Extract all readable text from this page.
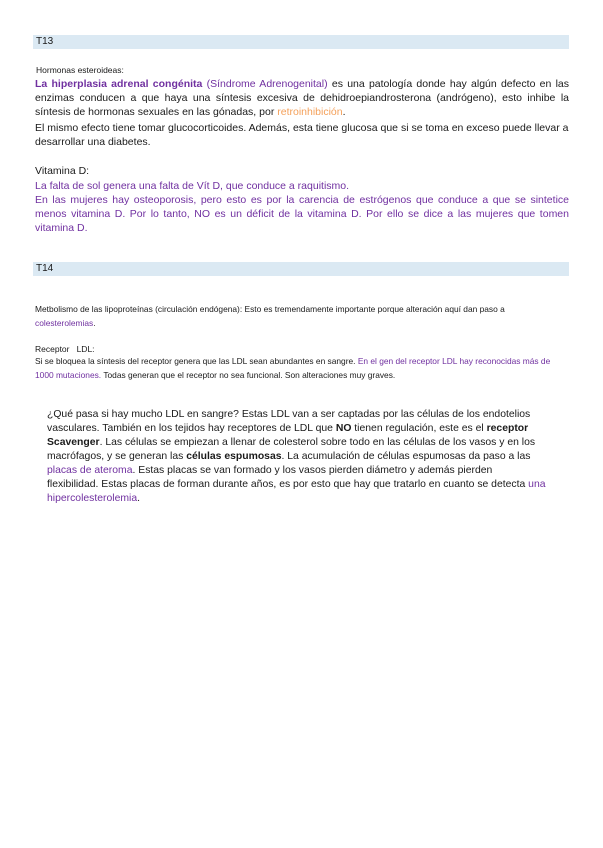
T13
Hormonas esteroideas:
La hiperplasia adrenal congénita (Síndrome Adrenogenital) es una patología donde hay algún defecto en las enzimas conducen a que haya una síntesis excesiva de dehidroepiandrosterona (andrógeno), esto inhibe la síntesis de hormonas sexuales en las gónadas, por retroinhibición.
El mismo efecto tiene tomar glucocorticoides. Además, esta tiene glucosa que si se toma en exceso puede llevar a desarrollar una diabetes.
Vitamina D:
La falta de sol genera una falta de Vít D, que conduce a raquitismo.
En las mujeres hay osteoporosis, pero esto es por la carencia de estrógenos que conduce a que se sintetice menos vitamina D. Por lo tanto, NO es un déficit de la vitamina D. Por ello se dice a las mujeres que tomen vitamina D.
T14
Metbolismo de las lipoproteínas (circulación endógena): Esto es tremendamente importante porque alteración aquí dan paso a colesterolemias.
Receptor   LDL:
Si se bloquea la síntesis del receptor genera que las LDL sean abundantes en sangre. En el gen del receptor LDL hay reconocidas más de 1000 mutaciones. Todas generan que el receptor no sea funcional. Son alteraciones muy graves.
¿Qué pasa si hay mucho LDL en sangre? Estas LDL van a ser captadas por las células de los endotelios vasculares. También en los tejidos hay receptores de LDL que NO tienen regulación, este es el receptor Scavenger. Las células se empiezan a llenar de colesterol sobre todo en las células de los vasos y en los macrófagos, y se generan las células espumosas. La acumulación de células espumosas da paso a las placas de ateroma. Estas placas se van formado y los vasos pierden diámetro y además pierden flexibilidad. Estas placas de forman durante años, es por esto que hay que tratarlo en cuanto se detecta una hipercolesterolemia.
